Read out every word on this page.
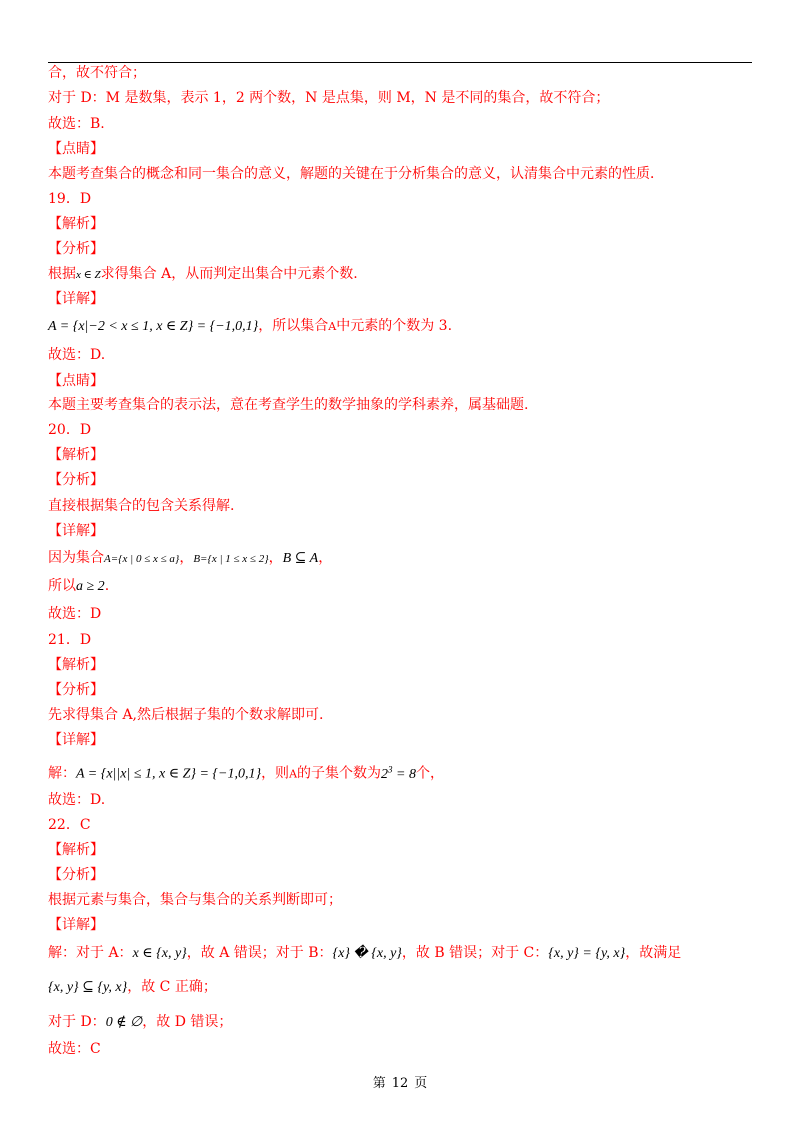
合，故不符合；
对于 D：M 是数集，表示 1，2 两个数，N 是点集，则 M，N 是不同的集合，故不符合；
故选：B.
【点睛】
本题考查集合的概念和同一集合的意义，解题的关键在于分析集合的意义，认清集合中元素的性质．
19．D
【解析】
【分析】
根据x ∈ Z求得集合 A，从而判定出集合中元素个数.
【详解】
A = {x|−2 < x ≤ 1, x ∈ Z} = {−1,0,1}，所以集合A中元素的个数为 3.
故选：D.
【点睛】
本题主要考查集合的表示法，意在考查学生的数学抽象的学科素养，属基础题.
20．D
【解析】
【分析】
直接根据集合的包含关系得解.
【详解】
因为集合A={x | 0 ≤ x ≤ a}，B={x | 1 ≤ x ≤ 2}，B ⊆ A，
所以a ≥ 2.
故选：D
21．D
【解析】
【分析】
先求得集合 A,然后根据子集的个数求解即可.
【详解】
解：A = {x||x| ≤ 1, x ∈ Z} = {−1,0,1}，则A的子集个数为$2^3 = 8$个，
故选：D.
22．C
【解析】
【分析】
根据元素与集合，集合与集合的关系判断即可；
【详解】
解：对于 A：x ∈ {x, y}，故 A 错误；对于 B：{x} � {x, y}，故 B 错误；对于 C：{x, y} = {y, x}，故满足
{x, y} ⊆ {y, x}，故 C 正确；
对于 D：0 ∉ ∅，故 D 错误；
故选：C
第 12 页
